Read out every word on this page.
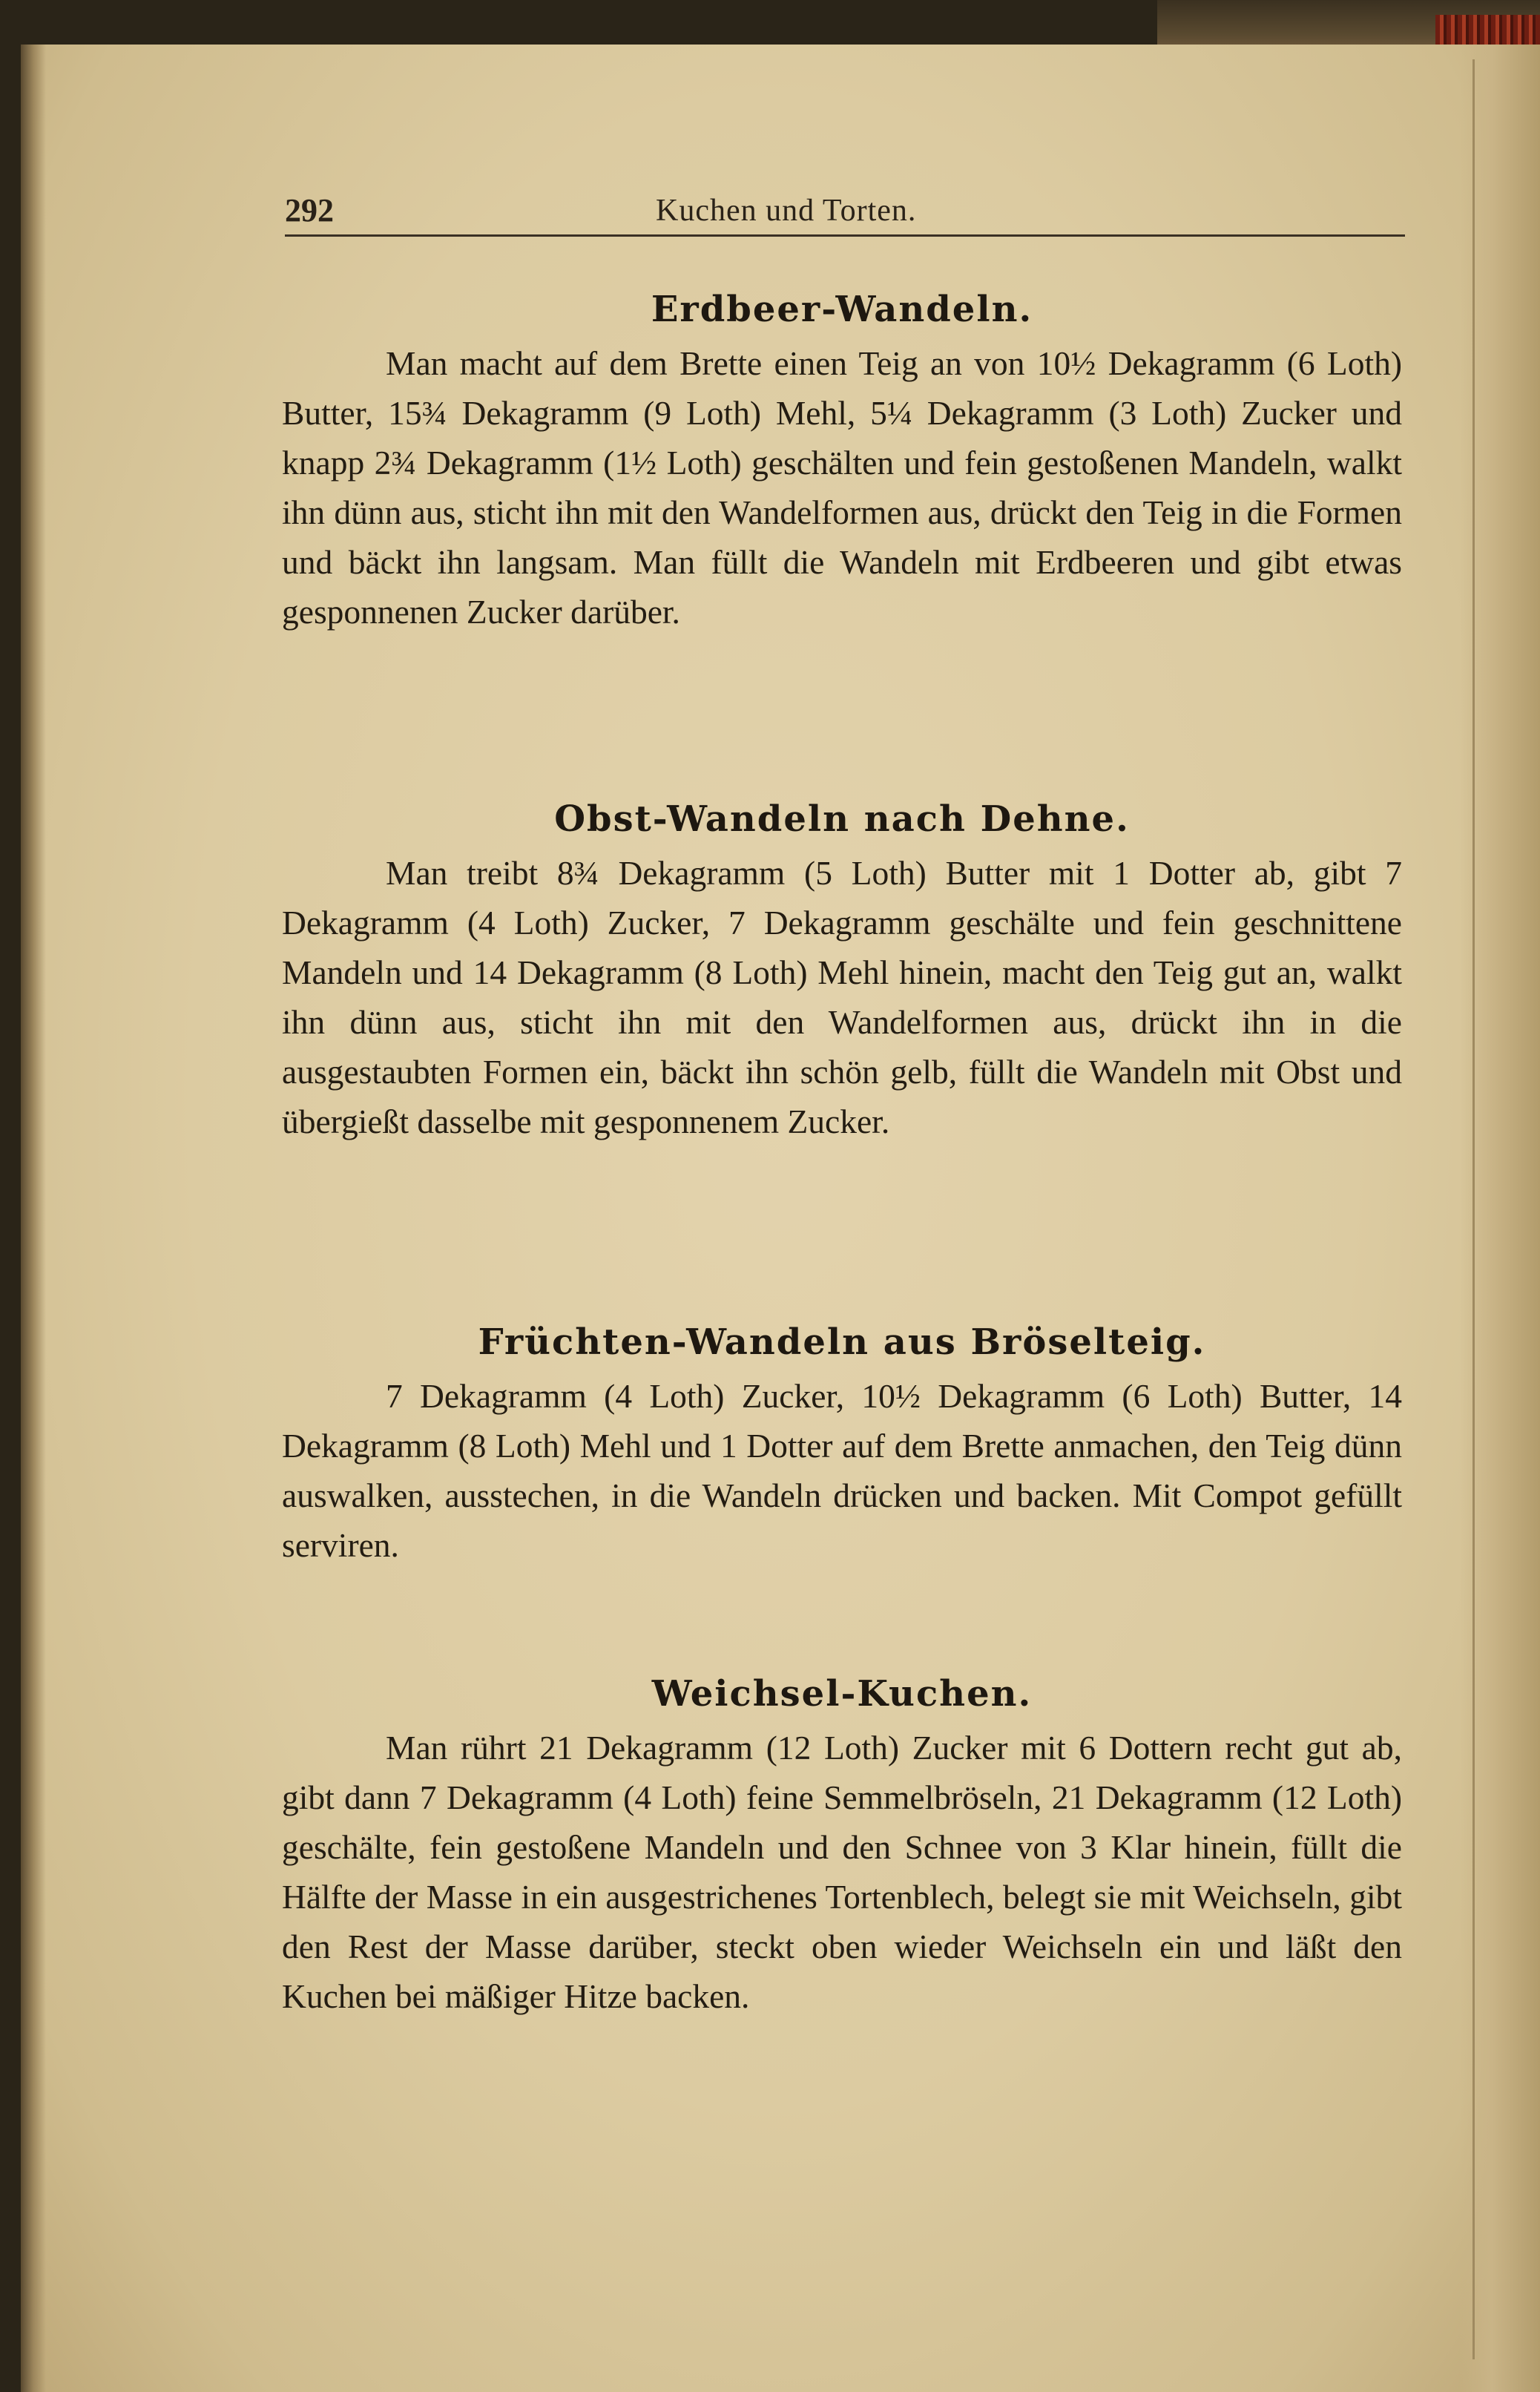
292	Kuchen und Torten.
Erdbeer-Wandeln.

Man macht auf dem Brette einen Teig an von 10½ Dekagramm (6 Loth) Butter, 15¾ Dekagramm (9 Loth) Mehl, 5¼ Dekagramm (3 Loth) Zucker und knapp 2¾ Dekagramm (1½ Loth) geschälten und fein gestoßenen Mandeln, walkt ihn dünn aus, sticht ihn mit den Wandelformen aus, drückt den Teig in die Formen und bäckt ihn langsam. Man füllt die Wandeln mit Erdbeeren und gibt etwas gesponnenen Zucker darüber.

Obst-Wandeln nach Dehne.

Man treibt 8¾ Dekagramm (5 Loth) Butter mit 1 Dotter ab, gibt 7 Dekagramm (4 Loth) Zucker, 7 Dekagramm geschälte und fein geschnittene Mandeln und 14 Dekagramm (8 Loth) Mehl hinein, macht den Teig gut an, walkt ihn dünn aus, sticht ihn mit den Wandelformen aus, drückt ihn in die ausgestaubten Formen ein, bäckt ihn schön gelb, füllt die Wandeln mit Obst und übergießt dasselbe mit gesponnenem Zucker.

Früchten-Wandeln aus Bröselteig.

7 Dekagramm (4 Loth) Zucker, 10½ Dekagramm (6 Loth) Butter, 14 Dekagramm (8 Loth) Mehl und 1 Dotter auf dem Brette anmachen, den Teig dünn auswalken, ausstechen, in die Wandeln drücken und backen. Mit Compot gefüllt serviren.

Weichsel-Kuchen.

Man rührt 21 Dekagramm (12 Loth) Zucker mit 6 Dottern recht gut ab, gibt dann 7 Dekagramm (4 Loth) feine Semmelbröseln, 21 Dekagramm (12 Loth) geschälte, fein gestoßene Mandeln und den Schnee von 3 Klar hinein, füllt die Hälfte der Masse in ein ausgestrichenes Tortenblech, belegt sie mit Weichseln, gibt den Rest der Masse darüber, steckt oben wieder Weichseln ein und läßt den Kuchen bei mäßiger Hitze backen.
